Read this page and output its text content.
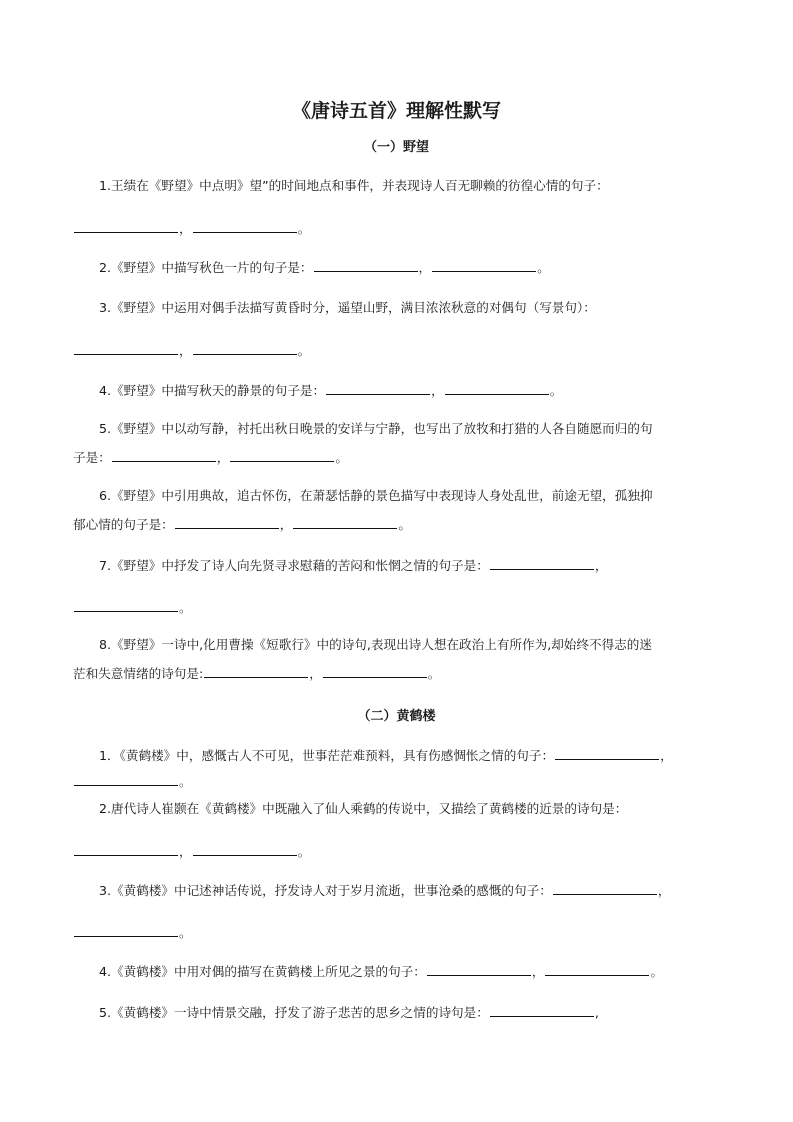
《唐诗五首》理解性默写
（一）野望
1.王绩在《野望》中点明》望”的时间地点和事件，并表现诗人百无聊赖的彷徨心情的句子：
，	。
2.《野望》中描写秋色一片的句子是：	，	。
3.《野望》中运用对偶手法描写黄昏时分，遥望山野，满目浓浓秋意的对偶句（写景句）：
，	。
4.《野望》中描写秋天的静景的句子是：	，	。
5.《野望》中以动写静，衬托出秋日晚景的安详与宁静，也写出了放牧和打猎的人各自随愿而归的句
子是：	，	。
6.《野望》中引用典故，追古怀伤，在萧瑟恬静的景色描写中表现诗人身处乱世，前途无望，孤独抑
郁心情的句子是：	，	。
7.《野望》中抒发了诗人向先贤寻求慰藉的苦闷和怅惘之情的句子是：	，
。
8.《野望》一诗中,化用曹操《短歌行》中的诗句,表现出诗人想在政治上有所作为,却始终不得志的迷
茫和失意情绪的诗句是:	，	。
（二）黄鹤楼
1．《黄鹤楼》中，感慨古人不可见，世事茫茫难预料，具有伤感惆怅之情的句子：	，
。
2.唐代诗人崔颢在《黄鹤楼》中既融入了仙人乘鹤的传说中，又描绘了黄鹤楼的近景的诗句是：
，	。
3.《黄鹤楼》中记述神话传说，抒发诗人对于岁月流逝，世事沧桑的感慨的句子：	，
。
4.《黄鹤楼》中用对偶的描写在黄鹤楼上所见之景的句子：	，	。
5.《黄鹤楼》一诗中情景交融，抒发了游子悲苦的思乡之情的诗句是：	,
